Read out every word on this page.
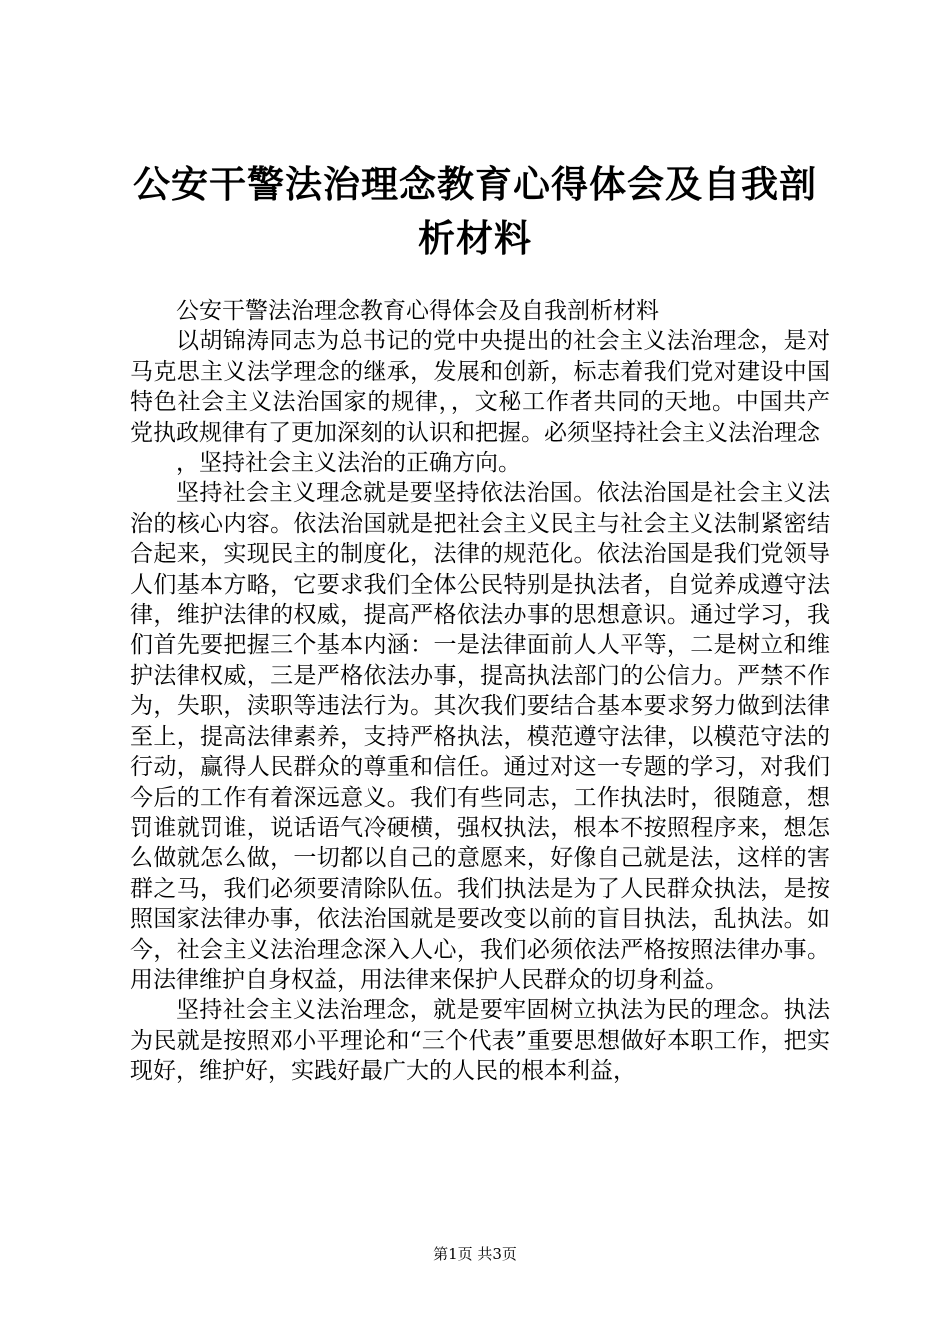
公安干警法治理念教育心得体会及自我剖析材料

公安干警法治理念教育心得体会及自我剖析材料

以胡锦涛同志为总书记的党中央提出的社会主义法治理念，是对马克思主义法学理念的继承，发展和创新，标志着我们党对建设中国特色社会主义法治国家的规律，，文秘工作者共同的天地。中国共产党执政规律有了更加深刻的认识和把握。必须坚持社会主义法治理念

，坚持社会主义法治的正确方向。

坚持社会主义理念就是要坚持依法治国。依法治国是社会主义法治的核心内容。依法治国就是把社会主义民主与社会主义法制紧密结合起来，实现民主的制度化，法律的规范化。依法治国是我们党领导人们基本方略，它要求我们全体公民特别是执法者，自觉养成遵守法律，维护法律的权威，提高严格依法办事的思想意识。通过学习，我们首先要把握三个基本内涵：一是法律面前人人平等，二是树立和维护法律权威，三是严格依法办事，提高执法部门的公信力。严禁不作为，失职，渎职等违法行为。其次我们要结合基本要求努力做到法律至上，提高法律素养，支持严格执法，模范遵守法律，以模范守法的行动，赢得人民群众的尊重和信任。通过对这一专题的学习，对我们今后的工作有着深远意义。我们有些同志，工作执法时，很随意，想罚谁就罚谁，说话语气冷硬横，强权执法，根本不按照程序来，想怎么做就怎么做，一切都以自己的意愿来，好像自己就是法，这样的害群之马，我们必须要清除队伍。我们执法是为了人民群众执法，是按照国家法律办事，依法治国就是要改变以前的盲目执法，乱执法。如今，社会主义法治理念深入人心，我们必须依法严格按照法律办事。用法律维护自身权益，用法律来保护人民群众的切身利益。

坚持社会主义法治理念，就是要牢固树立执法为民的理念。执法为民就是按照邓小平理论和“三个代表”重要思想做好本职工作，把实现好，维护好，实践好最广大的人民的根本利益，

第1页 共3页
